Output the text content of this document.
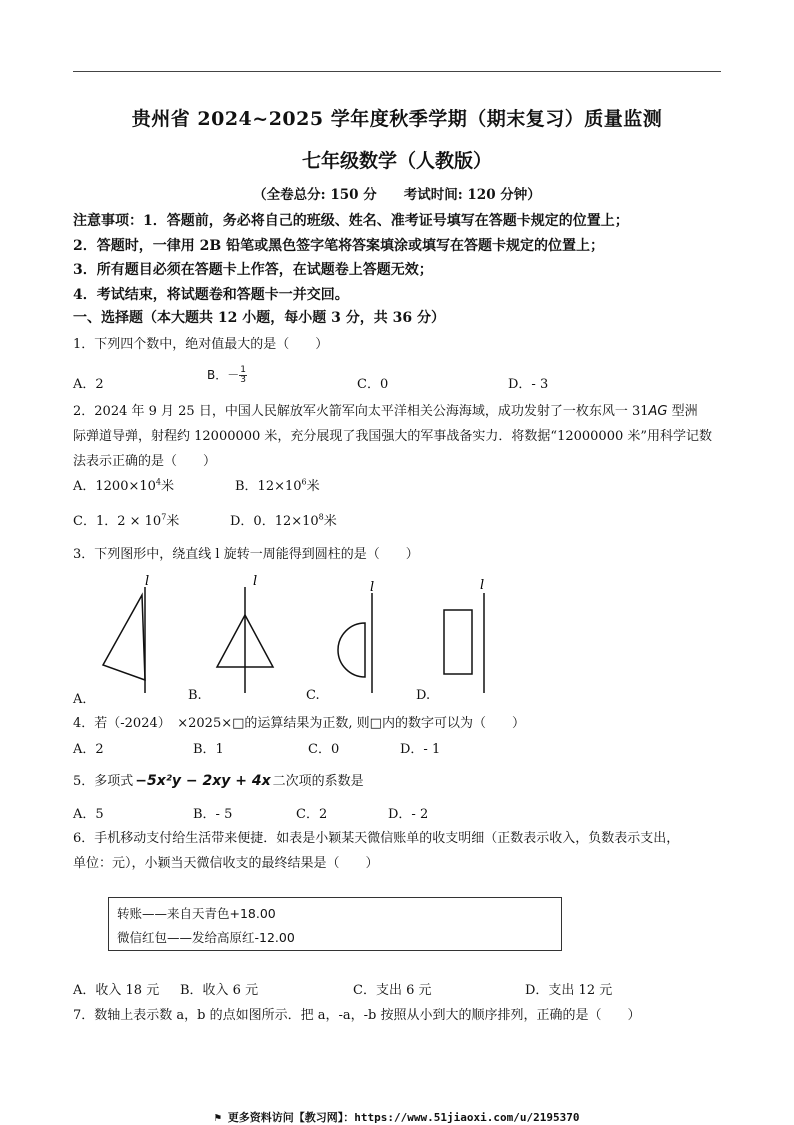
贵州省 2024~2025 学年度秋季学期（期末复习）质量监测
七年级数学（人教版）
（全卷总分: 150 分　　考试时间: 120 分钟）
注意事项：1．答题前，务必将自己的班级、姓名、准考证号填写在答题卡规定的位置上；
2．答题时，一律用 2B 铅笔或黑色签字笔将答案填涂或填写在答题卡规定的位置上；
3．所有题目必须在答题卡上作答，在试题卷上答题无效；
4．考试结束，将试题卷和答题卡一并交回。
一、选择题（本大题共 12 小题，每小题 3 分，共 36 分）
1．下列四个数中，绝对值最大的是（　　）
A．2
B．－ $\frac{1}{3}$	C．0	D．- 3
2．2024 年 9 月 25 日，中国人民解放军火箭军向太平洋相关公海海域，成功发射了一枚东风一 31AG 型洲
际弹道导弹，射程约 12000000 米，充分展现了我国强大的军事战备实力．将数据“12000000 米”用科学记数
法表示正确的是（　　）
A．$1200\times 10^4$米	B．$12\times 10^6$米
C．1．$2 \times 10^7$米	D．0．$12\times 10^8$米
3．下列图形中，绕直线 l 旋转一周能得到圆柱的是（　　）
l	l	l	l
A．	B.	C.	D.
4．若（-2024）　×2025×□的运算结果为正数, 则□内的数字可以为（　　）
A．2	B．1	C．0	D．- 1
5．多项式 −5x²y − 2xy + 4x 二次项的系数是
A．5	B．- 5	C．2	D．- 2
6．手机移动支付给生活带来便捷．如表是小颖某天微信账单的收支明细（正数表示收入，负数表示支出，
单位：元），小颖当天微信收支的最终结果是（　　）
转账——来自天青色+18.00
微信红包——发给高原红-12.00
A．收入 18 元 B．收入 6 元	C．支出 6 元	D．支出 12 元
7．数轴上表示数 a，b 的点如图所示．把 a，-a，-b 按照从小到大的顺序排列，正确的是（　　）
⚑ 更多资料访问【教习网】：https://www.51jiaoxi.com/u/2195370
